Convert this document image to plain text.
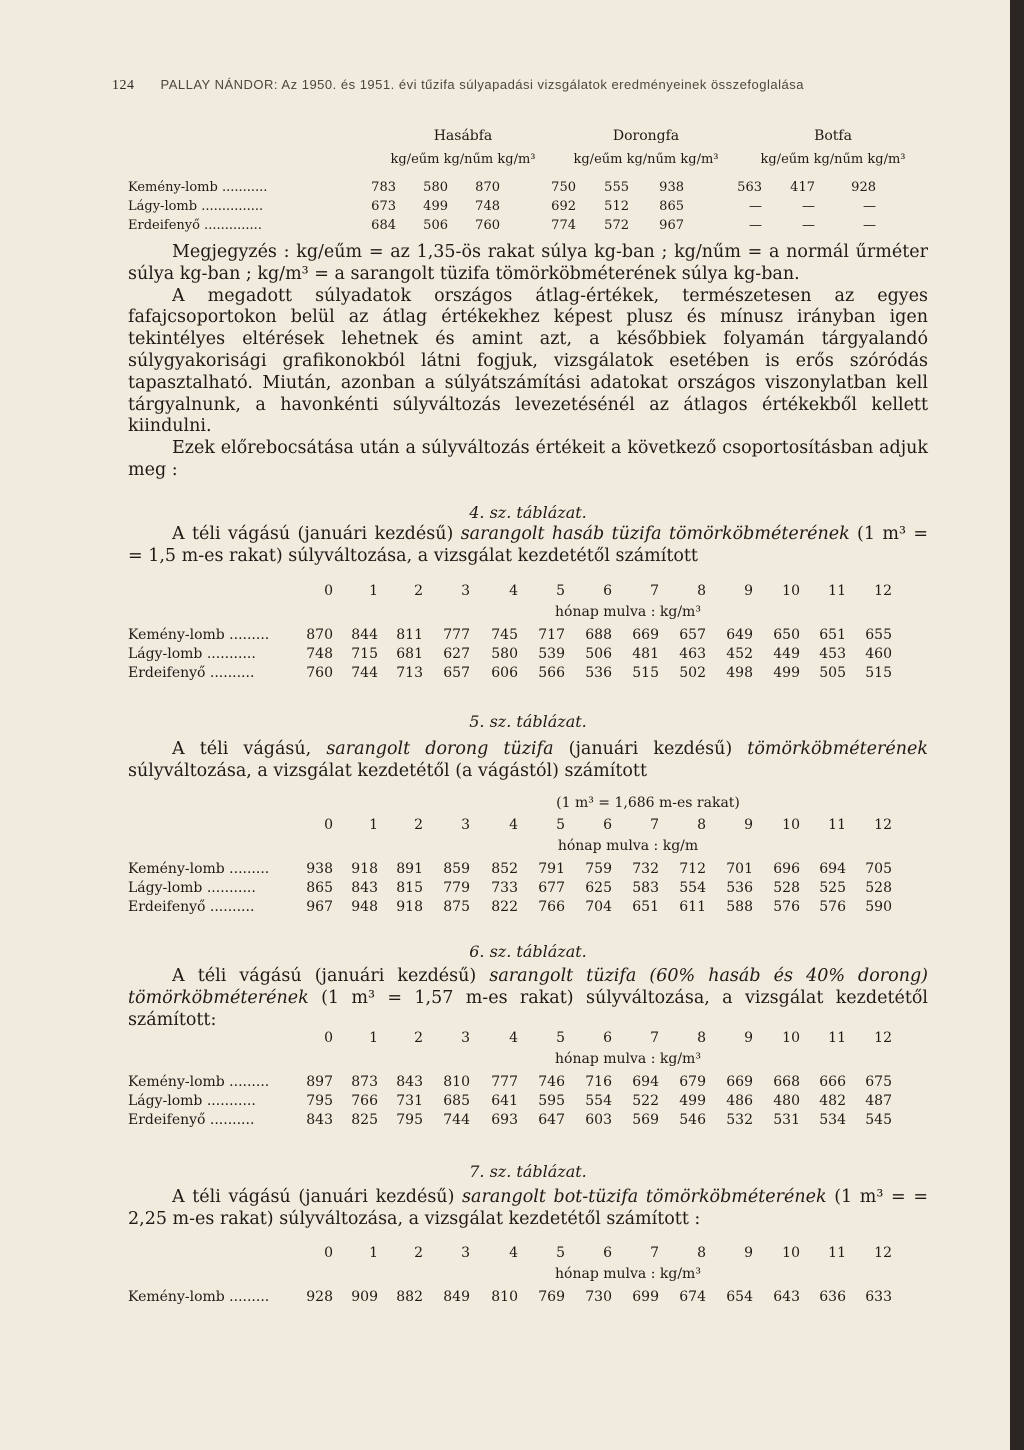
124 PALLAY NÁNDOR: Az 1950. és 1951. évi tűzifa súlyapadási vizsgálatok eredményeinek összefoglalása
Hasábfa	Dorongfa	Botfa
kg/eűm kg/nűm kg/m³	kg/eűm kg/nűm kg/m³	kg/eűm kg/nűm kg/m³
Kemény-lomb ...........	783	580	870	750	555	938	563	417	928
Lágy-lomb ...............	673	499	748	692	512	865	—	—	—
Erdeifenyő ..............	684	506	760	774	572	967	—	—	—

Megjegyzés : kg/eűm = az 1,35-ös rakat súlya kg-ban ; kg/nűm = a normál űrméter súlya kg-ban ; kg/m³ = a sarangolt tüzifa tömörköbméterének súlya kg-ban.

A megadott súlyadatok országos átlag-értékek, természetesen az egyes fafajcsoportokon belül az átlag értékekhez képest plusz és mínusz irányban igen tekintélyes eltérések lehetnek és amint azt, a későbbiek folyamán tárgyalandó súlygyakorisági grafikonokból látni fogjuk, vizsgálatok esetében is erős szóródás tapasztalható. Miután, azonban a súlyátszámítási adatokat országos viszonylatban kell tárgyalnunk, a havonkénti súlyváltozás levezetésénél az átlagos értékekből kellett kiindulni.

Ezek előrebocsátása után a súlyváltozás értékeit a következő csoportosításban adjuk meg :

4. sz. táblázat.

A téli vágású (januári kezdésű) sarangolt hasáb tüzifa tömörköbméterének (1 m³ = = 1,5 m-es rakat) súlyváltozása, a vizsgálat kezdetétől számított

0	1	2	3	4	5	6	7	8	9	10	11	12
hónap mulva : kg/m³
Kemény-lomb .........	870	844	811	777	745	717	688	669	657	649	650	651	655
Lágy-lomb ...........	748	715	681	627	580	539	506	481	463	452	449	453	460
Erdeifenyő ..........	760	744	713	657	606	566	536	515	502	498	499	505	515
5. sz. táblázat.

A téli vágású, sarangolt dorong tüzifa (januári kezdésű) tömörköbméterének súlyváltozása, a vizsgálat kezdetétől (a vágástól) számított

(1 m³ = 1,686 m-es rakat)
0	1	2	3	4	5	6	7	8	9	10	11	12
hónap mulva : kg/m
Kemény-lomb .........	938	918	891	859	852	791	759	732	712	701	696	694	705
Lágy-lomb ...........	865	843	815	779	733	677	625	583	554	536	528	525	528
Erdeifenyő ..........	967	948	918	875	822	766	704	651	611	588	576	576	590
6. sz. táblázat.

A téli vágású (januári kezdésű) sarangolt tüzifa (60% hasáb és 40% dorong) tömörköbméterének (1 m³ = 1,57 m-es rakat) súlyváltozása, a vizsgálat kezdetétől számított:

0	1	2	3	4	5	6	7	8	9	10	11	12
hónap mulva : kg/m³
Kemény-lomb .........	897	873	843	810	777	746	716	694	679	669	668	666	675
Lágy-lomb ...........	795	766	731	685	641	595	554	522	499	486	480	482	487
Erdeifenyő ..........	843	825	795	744	693	647	603	569	546	532	531	534	545
7. sz. táblázat.

A téli vágású (januári kezdésű) sarangolt bot-tüzifa tömörköbméterének (1 m³ = = 2,25 m-es rakat) súlyváltozása, a vizsgálat kezdetétől számított :

0	1	2	3	4	5	6	7	8	9	10	11	12
hónap mulva : kg/m³
Kemény-lomb .........	928	909	882	849	810	769	730	699	674	654	643	636	633
